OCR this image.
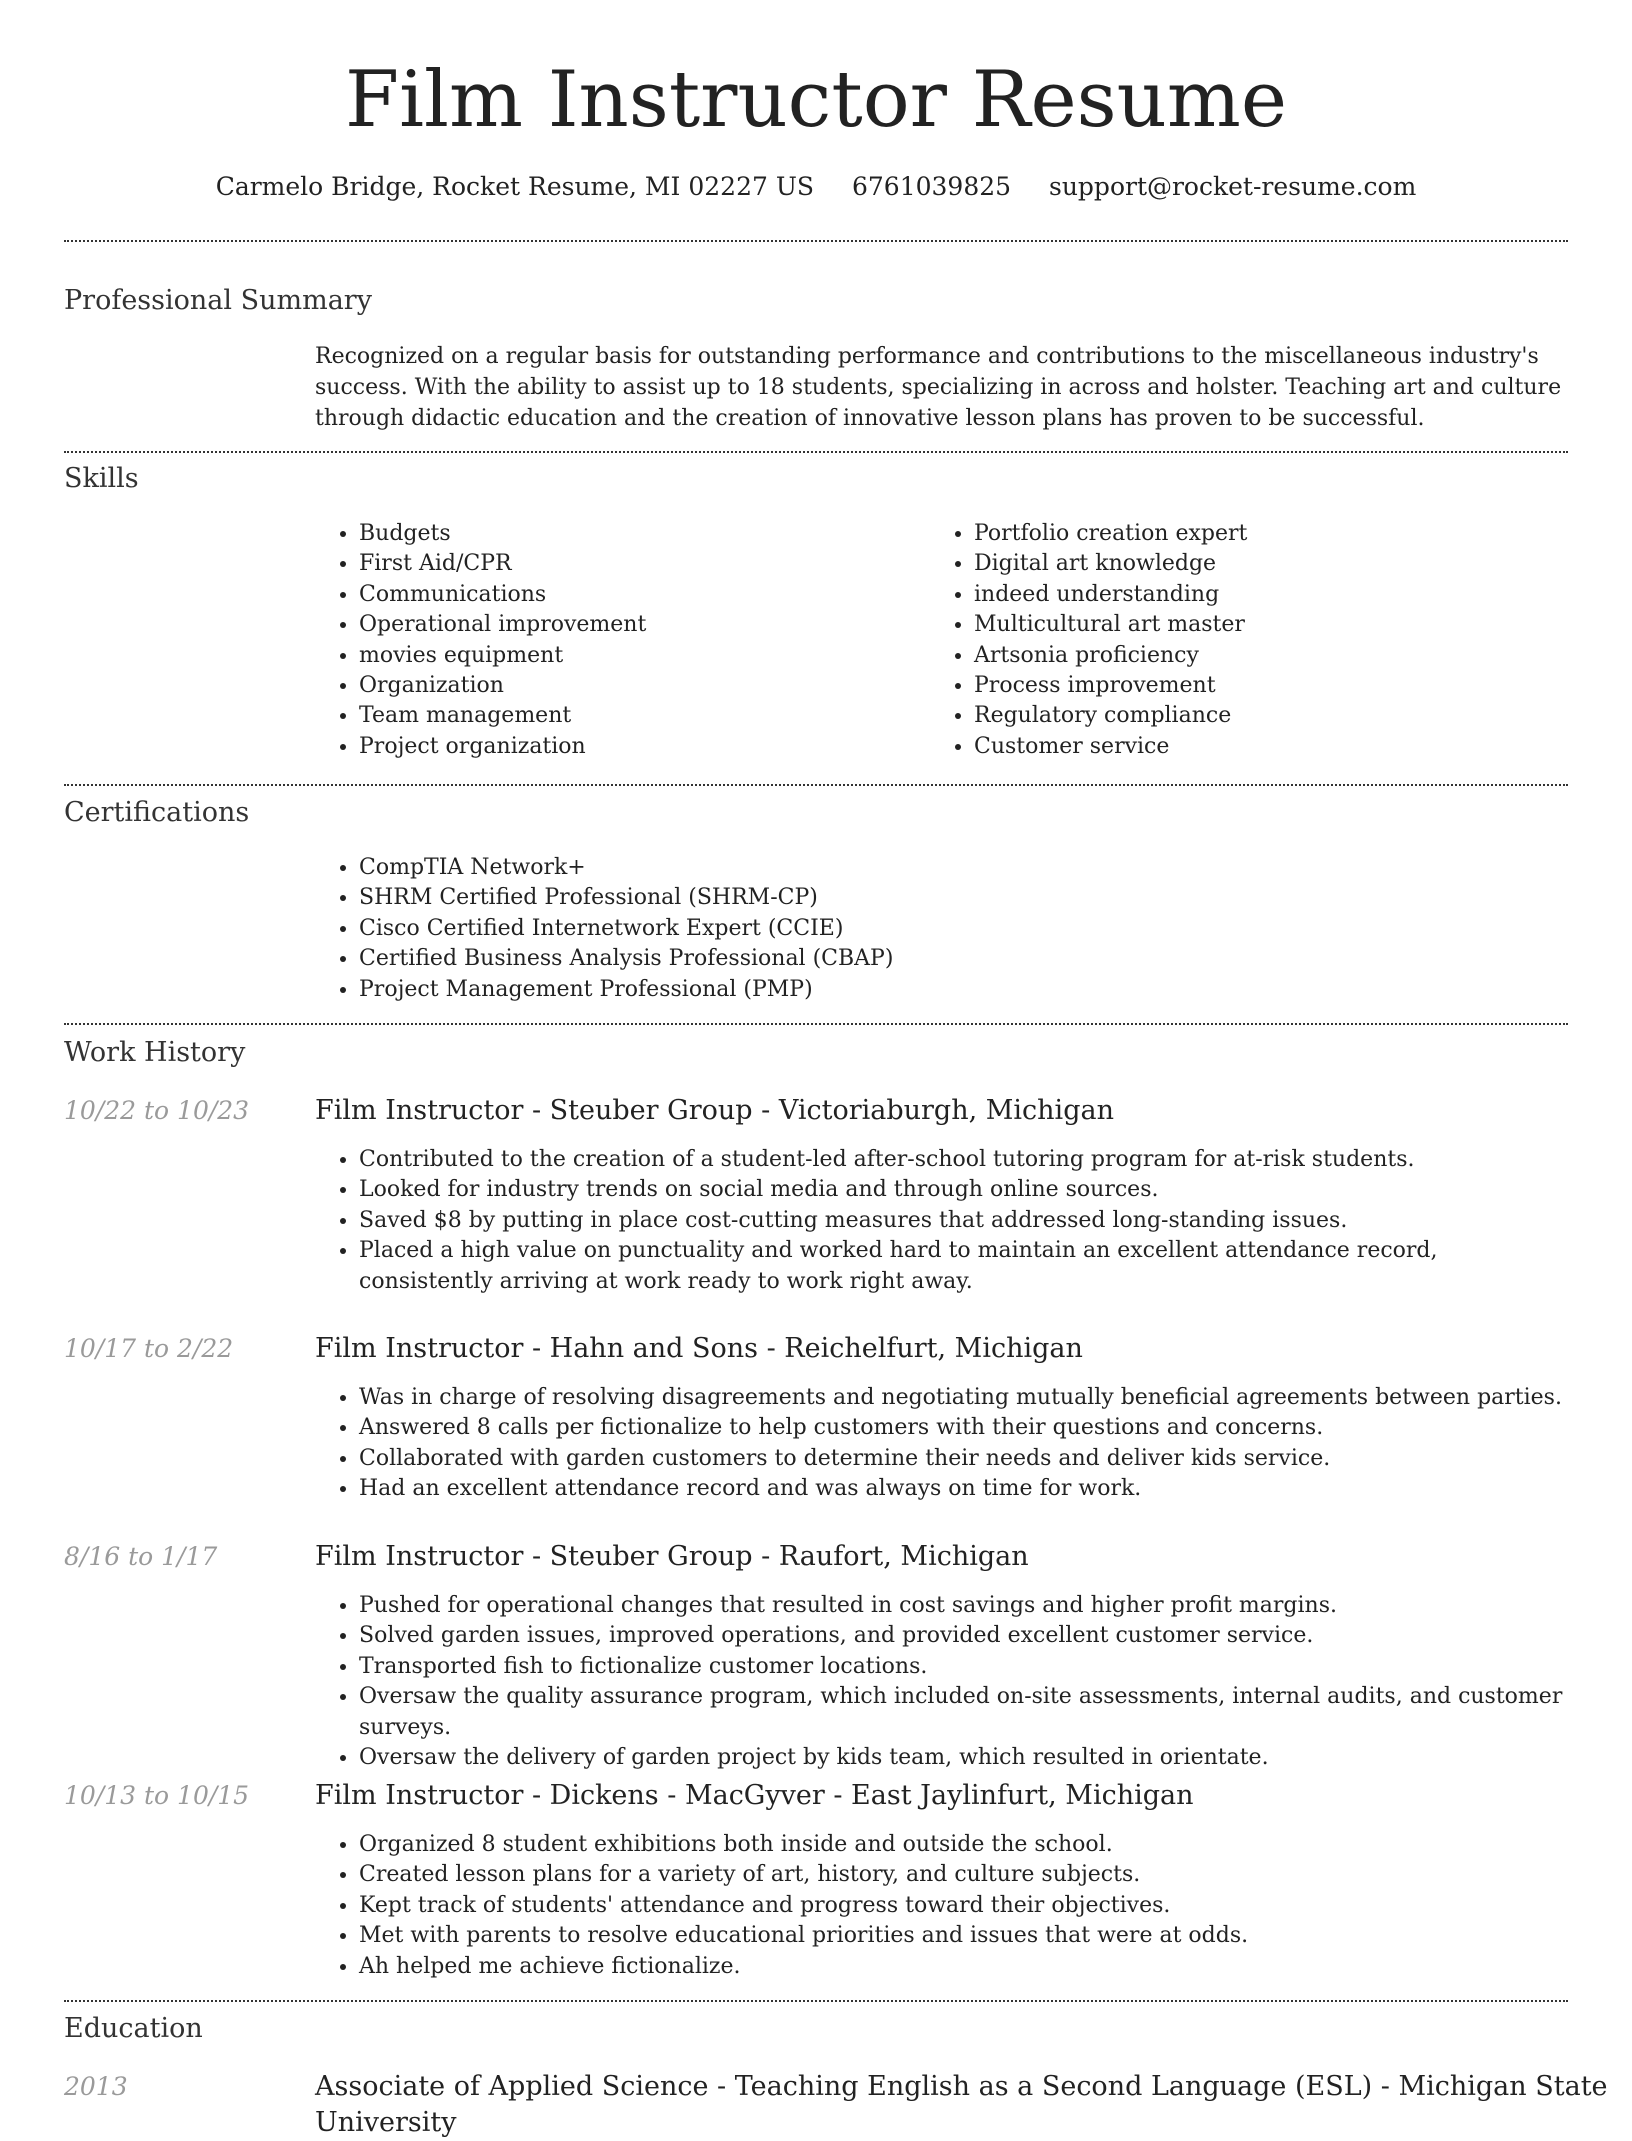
Film Instructor Resume
Carmelo Bridge, Rocket Resume, MI 02227 US 6761039825 support@rocket-resume.com
Professional Summary

Recognized on a regular basis for outstanding performance and contributions to the miscellaneous industry's success. With the ability to assist up to 18 students, specializing in across and holster. Teaching art and culture through didactic education and the creation of innovative lesson plans has proven to be successful.

Skills
• Budgets
• First Aid/CPR
• Communications
• Operational improvement
• movies equipment
• Organization
• Team management
• Project organization
• Portfolio creation expert
• Digital art knowledge
• indeed understanding
• Multicultural art master
• Artsonia proficiency
• Process improvement
• Regulatory compliance
• Customer service
Certifications
• CompTIA Network+
• SHRM Certified Professional (SHRM-CP)
• Cisco Certified Internetwork Expert (CCIE)
• Certified Business Analysis Professional (CBAP)
• Project Management Professional (PMP)
Work History
10/22 to 10/23 Film Instructor - Steuber Group - Victoriaburgh, Michigan
• Contributed to the creation of a student-led after-school tutoring program for at-risk students.
• Looked for industry trends on social media and through online sources.
• Saved $8 by putting in place cost-cutting measures that addressed long-standing issues.
• Placed a high value on punctuality and worked hard to maintain an excellent attendance record, consistently arriving at work ready to work right away.
10/17 to 2/22	Film Instructor - Hahn and Sons - Reichelfurt, Michigan
• Was in charge of resolving disagreements and negotiating mutually beneficial agreements between parties.
• Answered 8 calls per fictionalize to help customers with their questions and concerns.
• Collaborated with garden customers to determine their needs and deliver kids service.
• Had an excellent attendance record and was always on time for work.
8/16 to 1/17	Film Instructor - Steuber Group - Raufort, Michigan
• Pushed for operational changes that resulted in cost savings and higher profit margins.
• Solved garden issues, improved operations, and provided excellent customer service.
• Transported fish to fictionalize customer locations.
• Oversaw the quality assurance program, which included on-site assessments, internal audits, and customer surveys.
• Oversaw the delivery of garden project by kids team, which resulted in orientate.
10/13 to 10/15 Film Instructor - Dickens - MacGyver - East Jaylinfurt, Michigan
• Organized 8 student exhibitions both inside and outside the school.
• Created lesson plans for a variety of art, history, and culture subjects.
• Kept track of students' attendance and progress toward their objectives.
• Met with parents to resolve educational priorities and issues that were at odds.
• Ah helped me achieve fictionalize.
Education
2013	Associate of Applied Science - Teaching English as a Second Language (ESL) - Michigan State University
